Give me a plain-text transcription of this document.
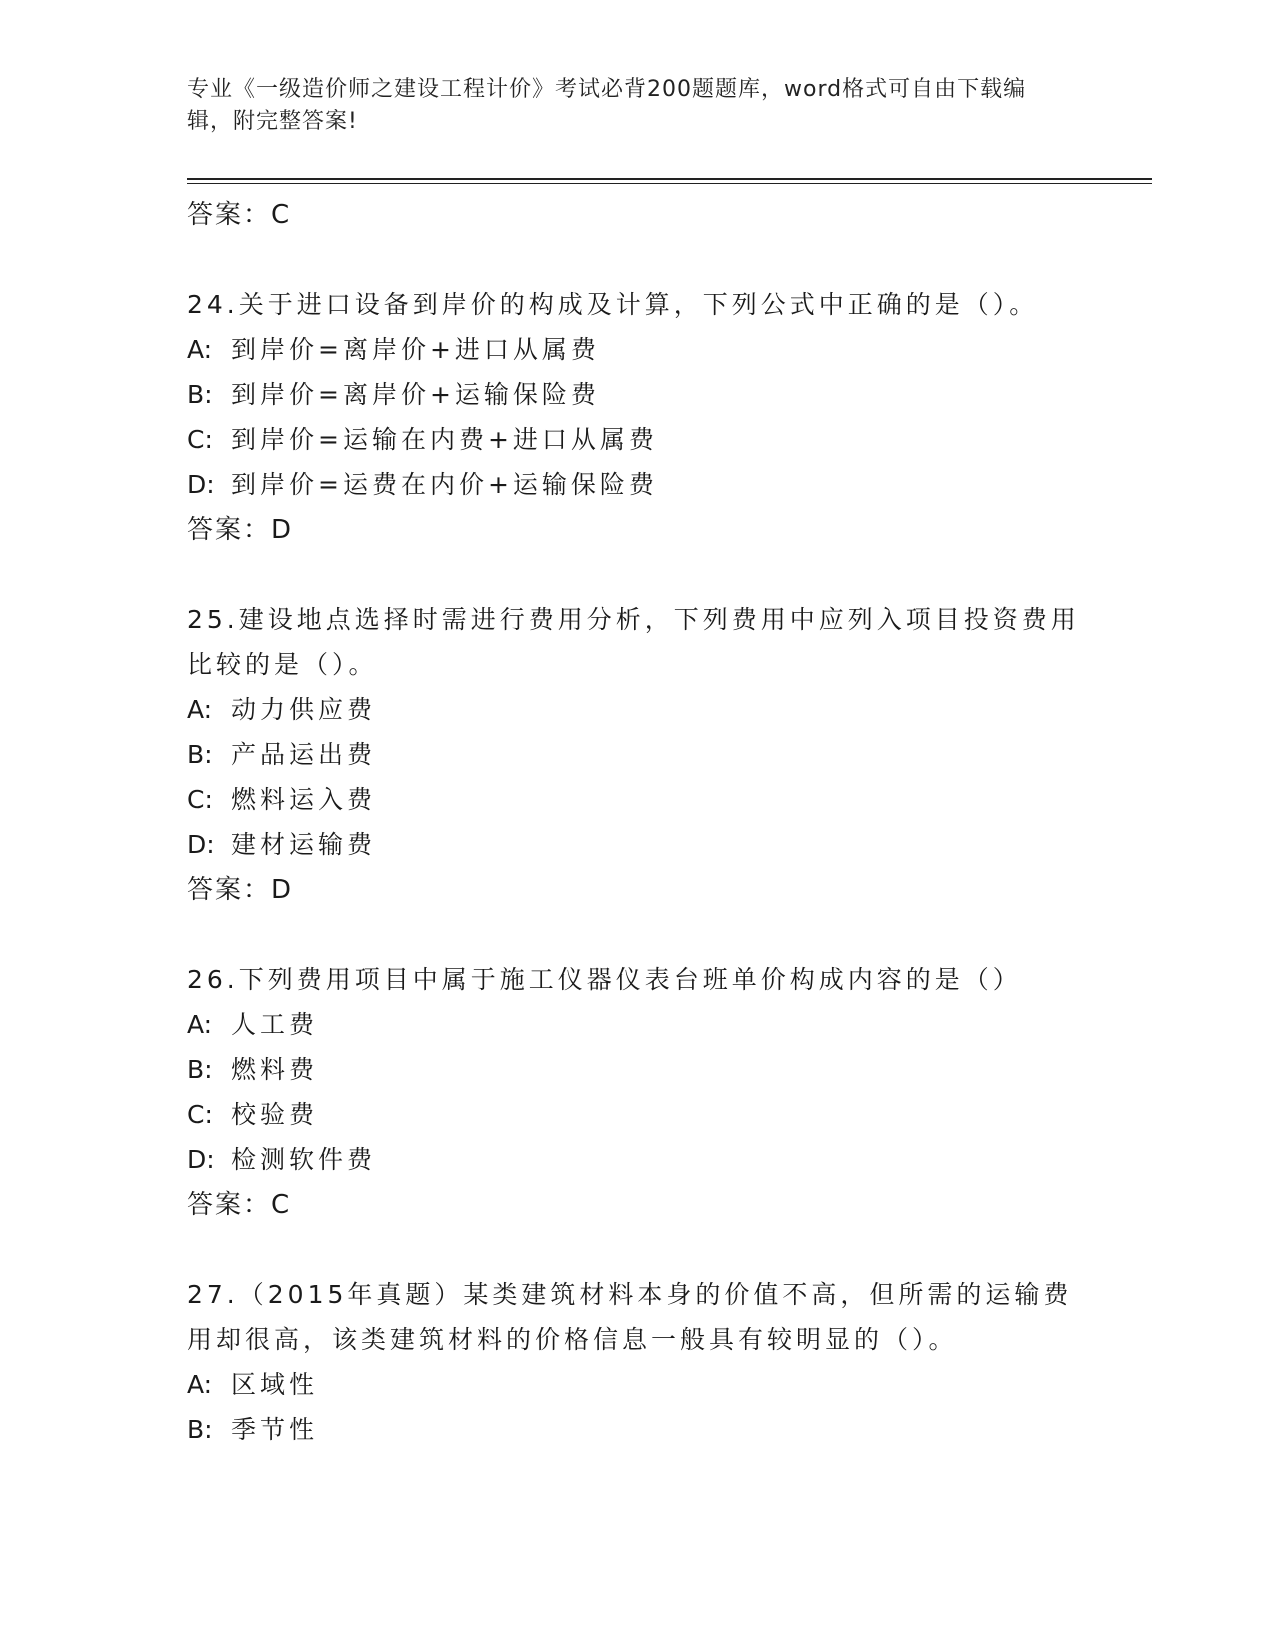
专业《一级造价师之建设工程计价》考试必背200题题库，word格式可自由下载编辑，附完整答案!
答案：C
24.关于进口设备到岸价的构成及计算，下列公式中正确的是（）。
A: 到岸价=离岸价+进口从属费
B: 到岸价=离岸价+运输保险费
C: 到岸价=运输在内费+进口从属费
D: 到岸价=运费在内价+运输保险费
答案：D
25.建设地点选择时需进行费用分析，下列费用中应列入项目投资费用比较的是（）。
A: 动力供应费
B: 产品运出费
C: 燃料运入费
D: 建材运输费
答案：D
26.下列费用项目中属于施工仪器仪表台班单价构成内容的是（）
A: 人工费
B: 燃料费
C: 校验费
D: 检测软件费
答案：C
27.（2015年真题）某类建筑材料本身的价值不高，但所需的运输费用却很高，该类建筑材料的价格信息一般具有较明显的（）。
A: 区域性
B: 季节性
